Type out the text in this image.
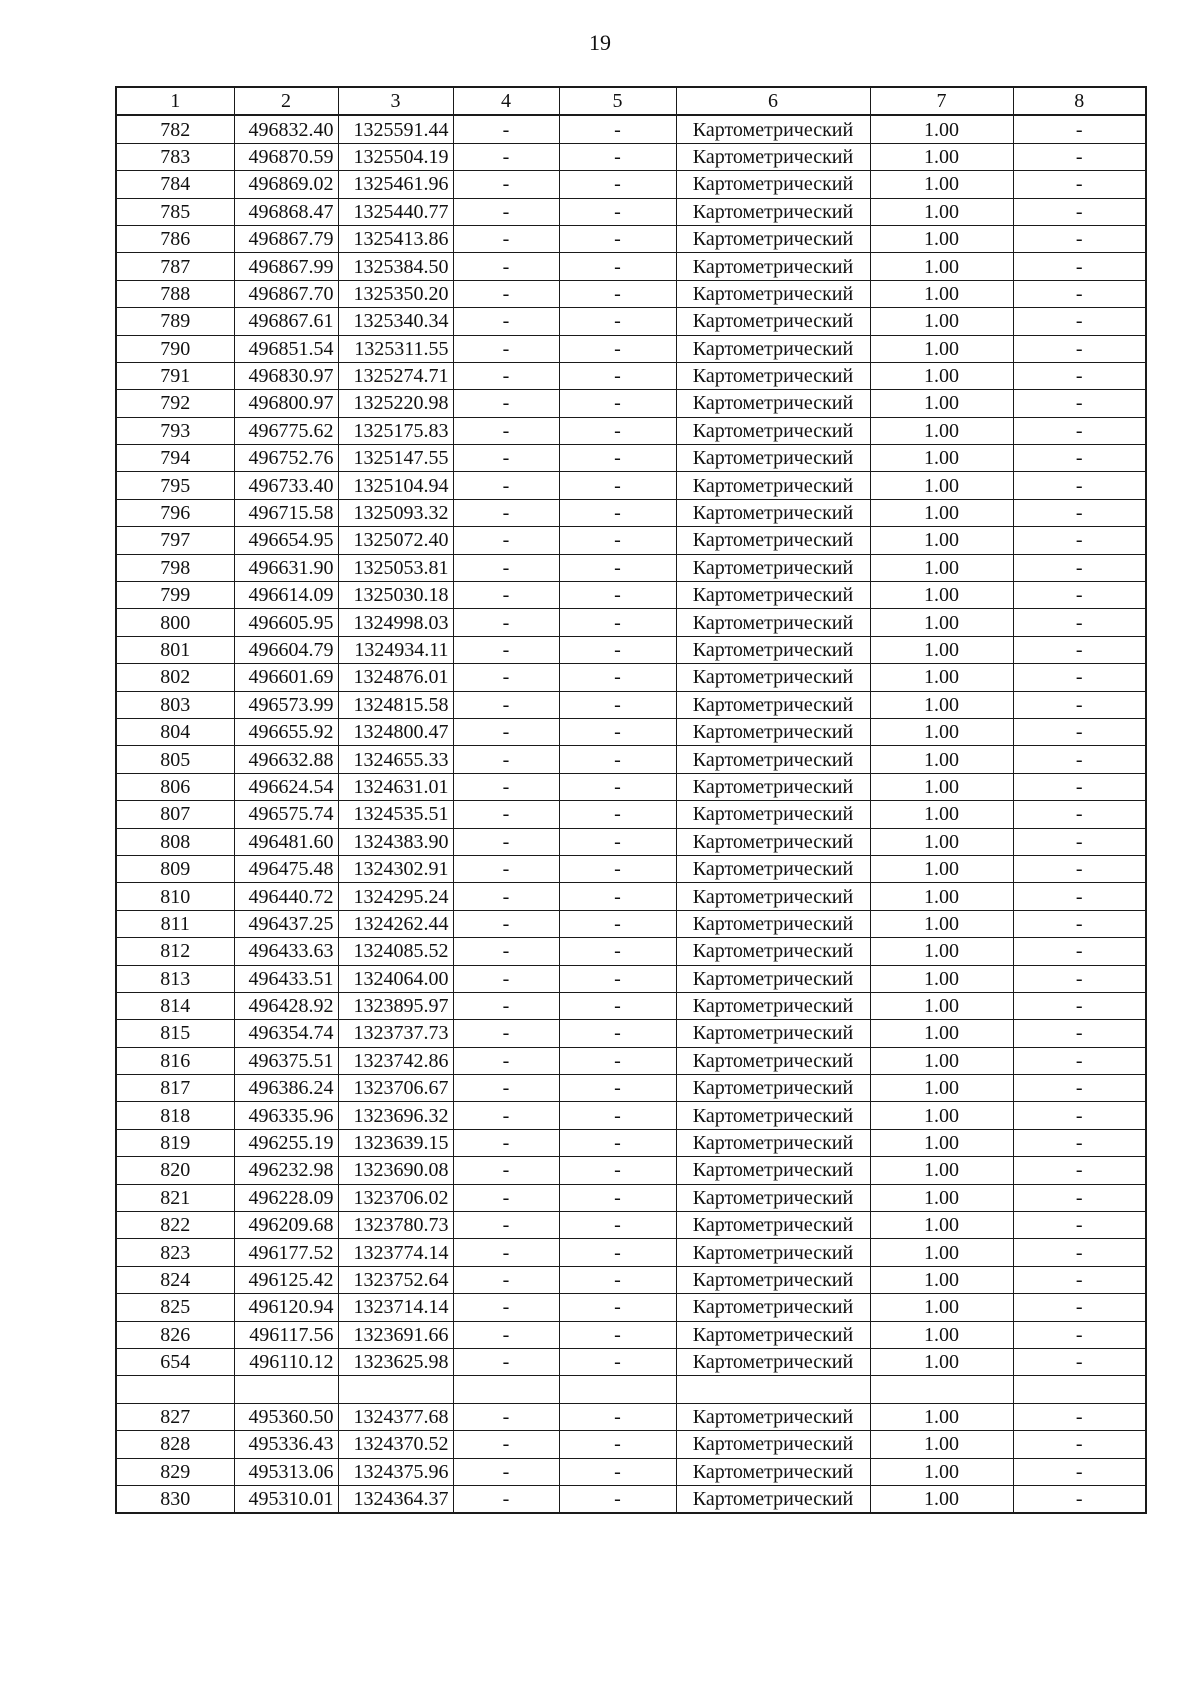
19
1	2	3	4	5	6	7	8
782	496832.40	1325591.44	-	-	Картометрический	1.00	-
783	496870.59	1325504.19	-	-	Картометрический	1.00	-
784	496869.02	1325461.96	-	-	Картометрический	1.00	-
785	496868.47	1325440.77	-	-	Картометрический	1.00	-
786	496867.79	1325413.86	-	-	Картометрический	1.00	-
787	496867.99	1325384.50	-	-	Картометрический	1.00	-
788	496867.70	1325350.20	-	-	Картометрический	1.00	-
789	496867.61	1325340.34	-	-	Картометрический	1.00	-
790	496851.54	1325311.55	-	-	Картометрический	1.00	-
791	496830.97	1325274.71	-	-	Картометрический	1.00	-
792	496800.97	1325220.98	-	-	Картометрический	1.00	-
793	496775.62	1325175.83	-	-	Картометрический	1.00	-
794	496752.76	1325147.55	-	-	Картометрический	1.00	-
795	496733.40	1325104.94	-	-	Картометрический	1.00	-
796	496715.58	1325093.32	-	-	Картометрический	1.00	-
797	496654.95	1325072.40	-	-	Картометрический	1.00	-
798	496631.90	1325053.81	-	-	Картометрический	1.00	-
799	496614.09	1325030.18	-	-	Картометрический	1.00	-
800	496605.95	1324998.03	-	-	Картометрический	1.00	-
801	496604.79	1324934.11	-	-	Картометрический	1.00	-
802	496601.69	1324876.01	-	-	Картометрический	1.00	-
803	496573.99	1324815.58	-	-	Картометрический	1.00	-
804	496655.92	1324800.47	-	-	Картометрический	1.00	-
805	496632.88	1324655.33	-	-	Картометрический	1.00	-
806	496624.54	1324631.01	-	-	Картометрический	1.00	-
807	496575.74	1324535.51	-	-	Картометрический	1.00	-
808	496481.60	1324383.90	-	-	Картометрический	1.00	-
809	496475.48	1324302.91	-	-	Картометрический	1.00	-
810	496440.72	1324295.24	-	-	Картометрический	1.00	-
811	496437.25	1324262.44	-	-	Картометрический	1.00	-
812	496433.63	1324085.52	-	-	Картометрический	1.00	-
813	496433.51	1324064.00	-	-	Картометрический	1.00	-
814	496428.92	1323895.97	-	-	Картометрический	1.00	-
815	496354.74	1323737.73	-	-	Картометрический	1.00	-
816	496375.51	1323742.86	-	-	Картометрический	1.00	-
817	496386.24	1323706.67	-	-	Картометрический	1.00	-
818	496335.96	1323696.32	-	-	Картометрический	1.00	-
819	496255.19	1323639.15	-	-	Картометрический	1.00	-
820	496232.98	1323690.08	-	-	Картометрический	1.00	-
821	496228.09	1323706.02	-	-	Картометрический	1.00	-
822	496209.68	1323780.73	-	-	Картометрический	1.00	-
823	496177.52	1323774.14	-	-	Картометрический	1.00	-
824	496125.42	1323752.64	-	-	Картометрический	1.00	-
825	496120.94	1323714.14	-	-	Картометрический	1.00	-
826	496117.56	1323691.66	-	-	Картометрический	1.00	-
654	496110.12	1323625.98	-	-	Картометрический	1.00	-

827	495360.50	1324377.68	-	-	Картометрический	1.00	-
828	495336.43	1324370.52	-	-	Картометрический	1.00	-
829	495313.06	1324375.96	-	-	Картометрический	1.00	-
830	495310.01	1324364.37	-	-	Картометрический	1.00	-
